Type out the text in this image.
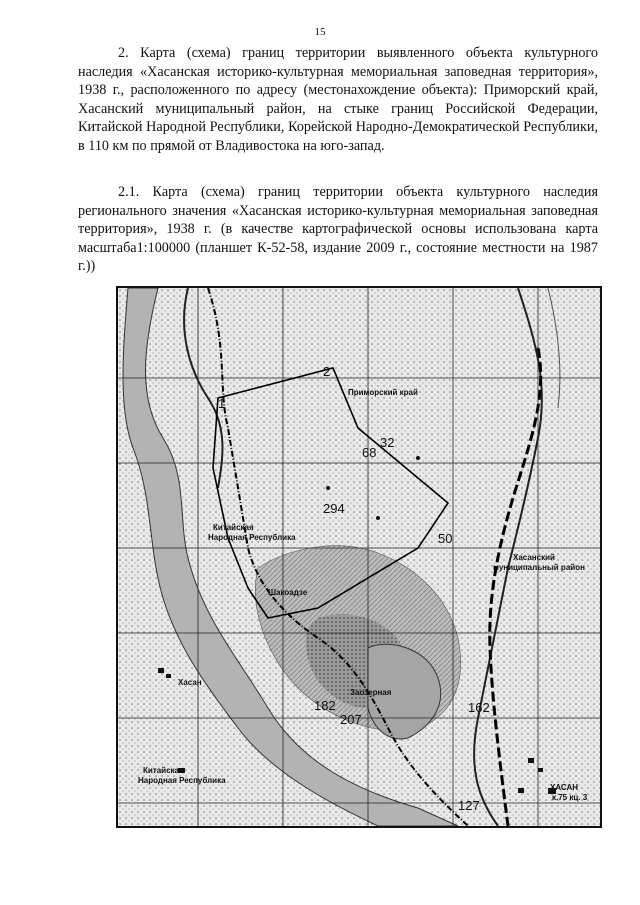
15

2. Карта (схема) границ территории выявленного объекта культурного наследия «Хасанская историко-культурная мемориальная заповедная территория», 1938 г., расположенного по адресу (местонахождение объекта): Приморский край, Хасанский муниципальный район, на стыке границ Российской Федерации, Китайской Народной Республики, Корейской Народно-Демократической Республики, в 110 км по прямой от Владивостока на юго-запад.

2.1. Карта (схема) границ территории объекта культурного наследия регионального значения «Хасанская историко-культурная мемориальная заповедная территория», 1938 г. (в качестве картографической основы использована карта масштаба1:100000 (планшет К-52-58, издание 2009 г., состояние местности на 1987 г.))

Приморский край
Китайская
Народная Республика
Хасанский
муниципальный район
Китайская
Народная Республика
ХАСАН
к.75 кц. 3
Хасан
Шакоадзе
Заозерная
1
2
32
50
68
127
162
182
207
294
